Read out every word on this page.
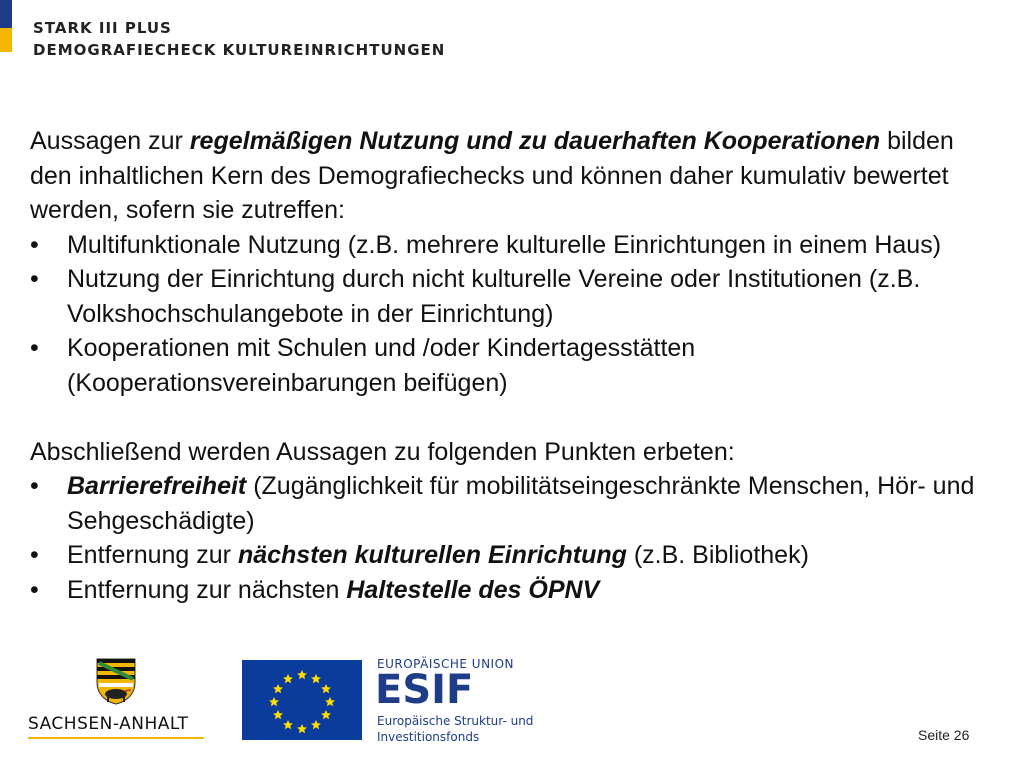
STARK III PLUS
DEMOGRAFIECHECK KULTUREINRICHTUNGEN

Aussagen zur regelmäßigen Nutzung und zu dauerhaften Kooperationen bilden den inhaltlichen Kern des Demografiechecks und können daher kumulativ bewertet werden, sofern sie zutreffen:

• Multifunktionale Nutzung (z.B. mehrere kulturelle Einrichtungen in einem Haus)
• Nutzung der Einrichtung durch nicht kulturelle Vereine oder Institutionen (z.B. Volkshochschulangebote in der Einrichtung)
• Kooperationen mit Schulen und /oder Kindertagesstätten (Kooperationsvereinbarungen beifügen)

Abschließend werden Aussagen zu folgenden Punkten erbeten:

• Barrierefreiheit (Zugänglichkeit für mobilitätseingeschränkte Menschen, Hör- und Sehgeschädigte)
• Entfernung zur nächsten kulturellen Einrichtung (z.B. Bibliothek)
• Entfernung zur nächsten Haltestelle des ÖPNV
SACHSEN-ANHALT
EUROPÄISCHE UNION
ESIF
Europäische Struktur- und
Investitionsfonds	Seite 26
